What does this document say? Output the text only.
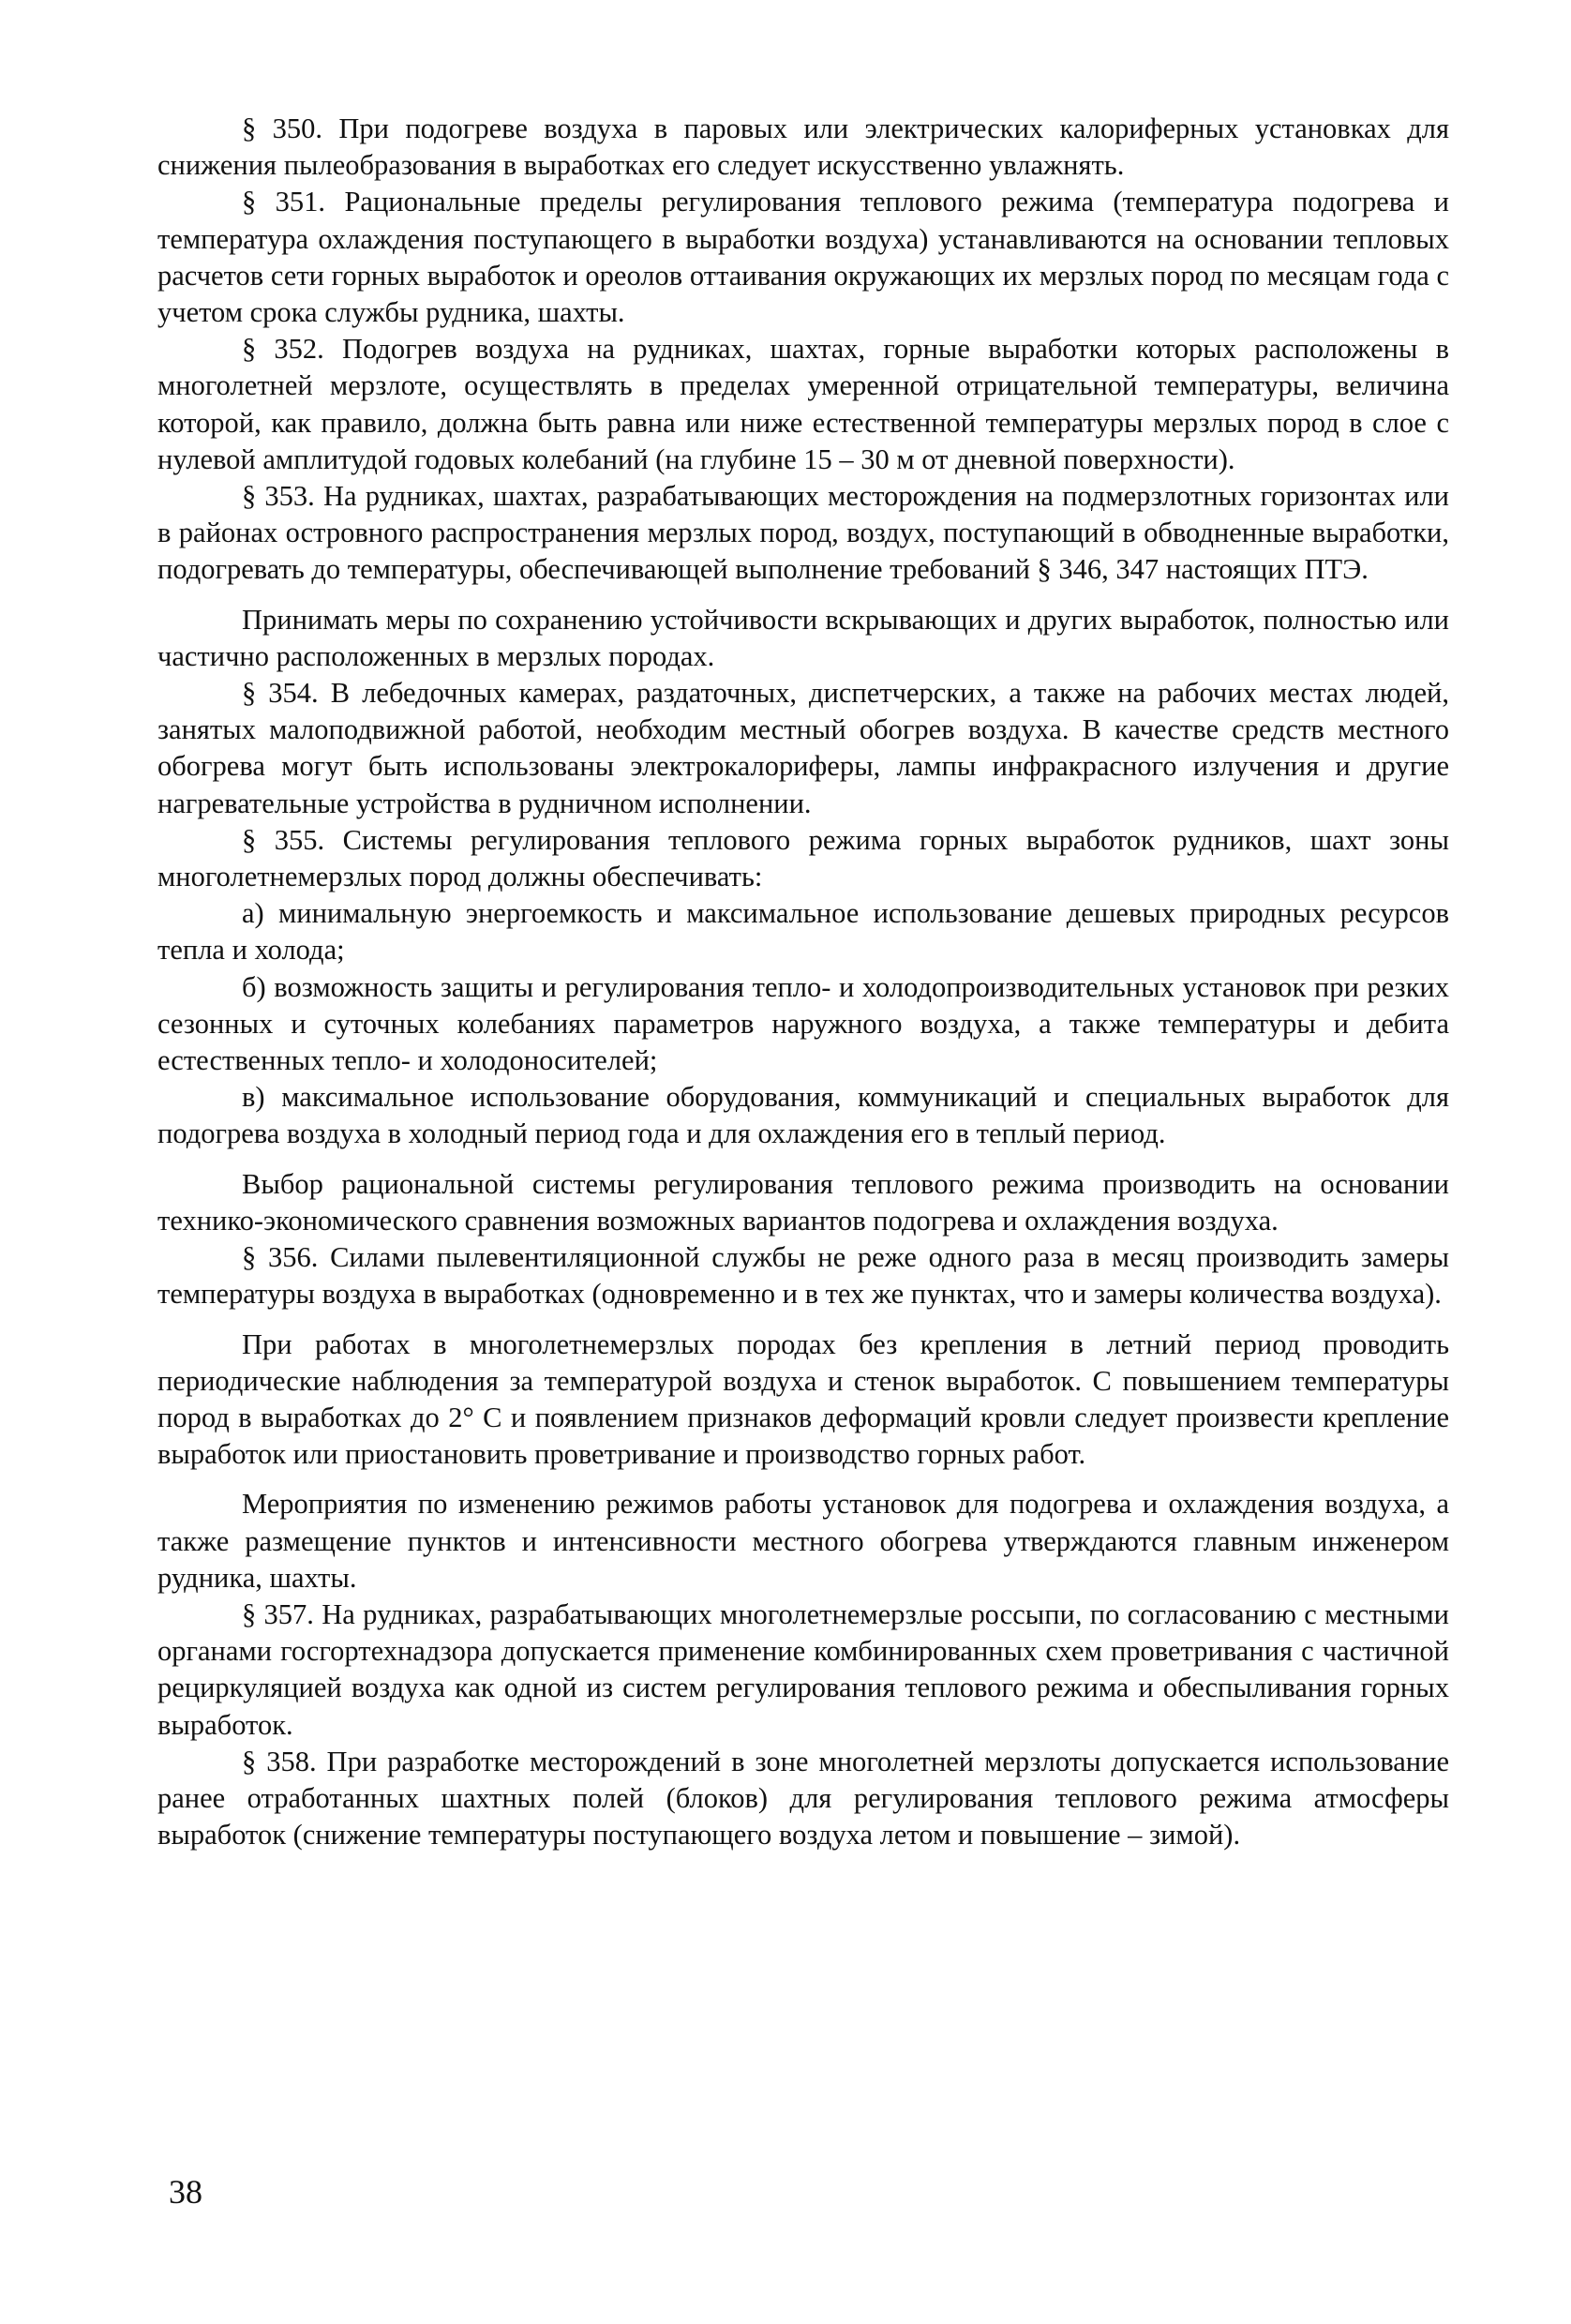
§ 350. При подогреве воздуха в паровых или электрических калориферных установках для снижения пылеобразования в выработках его следует искусственно увлажнять.

§ 351. Рациональные пределы регулирования теплового режима (температура подогрева и температура охлаждения поступающего в выработки воздуха) устанавливаются на основании тепловых расчетов сети горных выработок и ореолов оттаивания окружающих их мерзлых пород по месяцам года с учетом срока службы рудника, шахты.

§ 352. Подогрев воздуха на рудниках, шахтах, горные выработки которых расположены в многолетней мерзлоте, осуществлять в пределах умеренной отрицательной температуры, величина которой, как правило, должна быть равна или ниже естественной температуры мерзлых пород в слое с нулевой амплитудой годовых колебаний (на глубине 15 – 30 м от дневной поверхности).

§ 353. На рудниках, шахтах, разрабатывающих месторождения на подмерзлотных горизонтах или в районах островного распространения мерзлых пород, воздух, поступающий в обводненные выработки, подогревать до температуры, обеспечивающей выполнение требований § 346, 347 настоящих ПТЭ.

Принимать меры по сохранению устойчивости вскрывающих и других выработок, полностью или частично расположенных в мерзлых породах.

§ 354. В лебедочных камерах, раздаточных, диспетчерских, а также на рабочих местах людей, занятых малоподвижной работой, необходим местный обогрев воздуха. В качестве средств местного обогрева могут быть использованы электрокалориферы, лампы инфракрасного излучения и другие нагревательные устройства в рудничном исполнении.

§ 355. Системы регулирования теплового режима горных выработок рудников, шахт зоны многолетнемерзлых пород должны обеспечивать:

а) минимальную энергоемкость и максимальное использование дешевых природных ресурсов тепла и холода;

б) возможность защиты и регулирования тепло- и холодопроизводительных установок при резких сезонных и суточных колебаниях параметров наружного воздуха, а также температуры и дебита естественных тепло- и холодоносителей;

в) максимальное использование оборудования, коммуникаций и специальных выработок для подогрева воздуха в холодный период года и для охлаждения его в теплый период.

Выбор рациональной системы регулирования теплового режима производить на основании технико-экономического сравнения возможных вариантов подогрева и охлаждения воздуха.

§ 356. Силами пылевентиляционной службы не реже одного раза в месяц производить замеры температуры воздуха в выработках (одновременно и в тех же пунктах, что и замеры количества воздуха).

При работах в многолетнемерзлых породах без крепления в летний период проводить периодические наблюдения за температурой воздуха и стенок выработок. С повышением температуры пород в выработках до 2° С и появлением признаков деформаций кровли следует произвести крепление выработок или приостановить проветривание и производство горных работ.

Мероприятия по изменению режимов работы установок для подогрева и охлаждения воздуха, а также размещение пунктов и интенсивности местного обогрева утверждаются главным инженером рудника, шахты.

§ 357. На рудниках, разрабатывающих многолетнемерзлые россыпи, по согласованию с местными органами госгортехнадзора допускается применение комбинированных схем проветривания с частичной рециркуляцией воздуха как одной из систем регулирования теплового режима и обеспыливания горных выработок.

§ 358. При разработке месторождений в зоне многолетней мерзлоты допускается использование ранее отработанных шахтных полей (блоков) для регулирования теплового режима атмосферы выработок (снижение температуры поступающего воздуха летом и повышение – зимой).

38
